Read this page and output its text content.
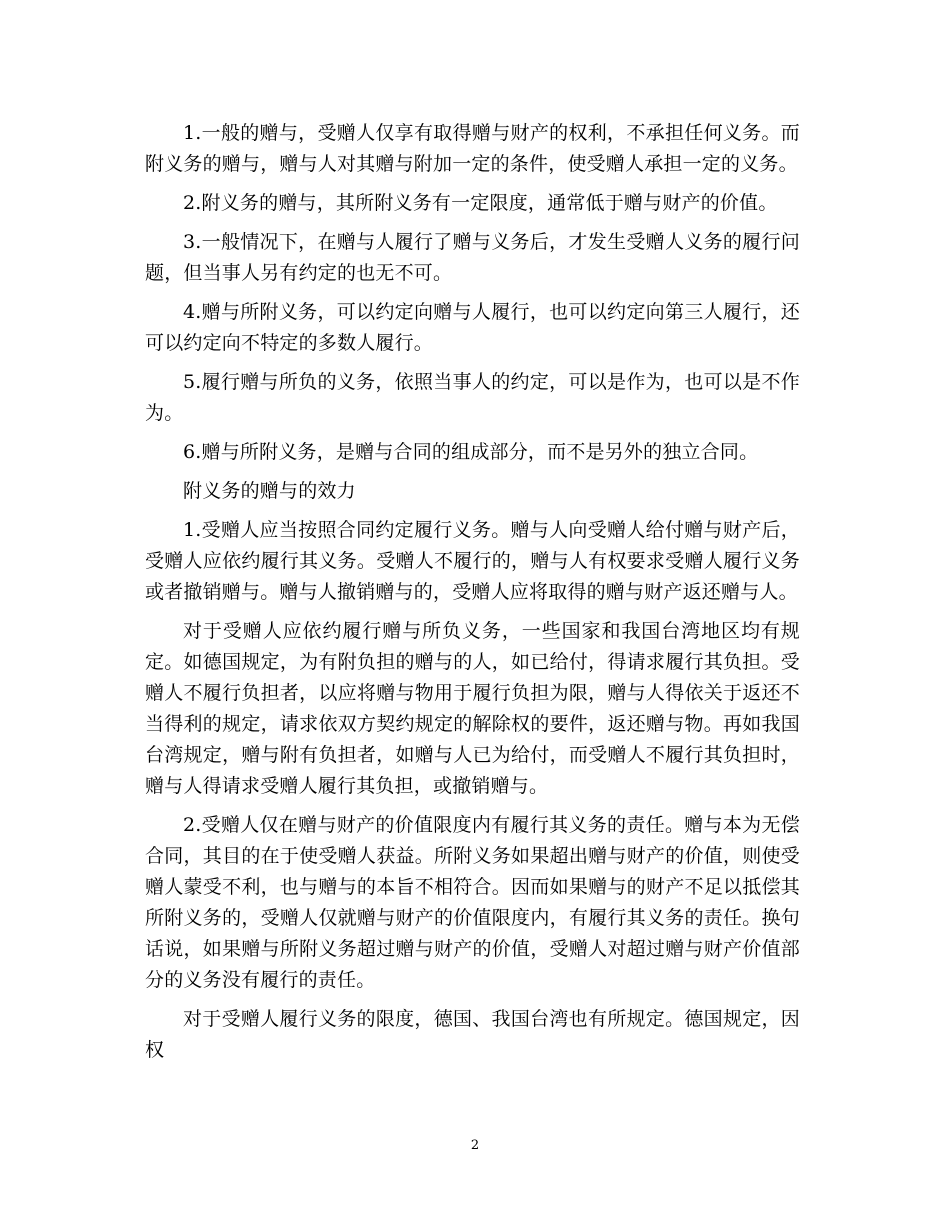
1.一般的赠与，受赠人仅享有取得赠与财产的权利，不承担任何义务。而附义务的赠与，赠与人对其赠与附加一定的条件，使受赠人承担一定的义务。

2.附义务的赠与，其所附义务有一定限度，通常低于赠与财产的价值。

3.一般情况下，在赠与人履行了赠与义务后，才发生受赠人义务的履行问题，但当事人另有约定的也无不可。

4.赠与所附义务，可以约定向赠与人履行，也可以约定向第三人履行，还可以约定向不特定的多数人履行。

5.履行赠与所负的义务，依照当事人的约定，可以是作为，也可以是不作为。

6.赠与所附义务，是赠与合同的组成部分，而不是另外的独立合同。

附义务的赠与的效力

1.受赠人应当按照合同约定履行义务。赠与人向受赠人给付赠与财产后，受赠人应依约履行其义务。受赠人不履行的，赠与人有权要求受赠人履行义务或者撤销赠与。赠与人撤销赠与的，受赠人应将取得的赠与财产返还赠与人。

对于受赠人应依约履行赠与所负义务，一些国家和我国台湾地区均有规定。如德国规定，为有附负担的赠与的人，如已给付，得请求履行其负担。受赠人不履行负担者，以应将赠与物用于履行负担为限，赠与人得依关于返还不当得利的规定，请求依双方契约规定的解除权的要件，返还赠与物。再如我国台湾规定，赠与附有负担者，如赠与人已为给付，而受赠人不履行其负担时，赠与人得请求受赠人履行其负担，或撤销赠与。

2.受赠人仅在赠与财产的价值限度内有履行其义务的责任。赠与本为无偿合同，其目的在于使受赠人获益。所附义务如果超出赠与财产的价值，则使受赠人蒙受不利，也与赠与的本旨不相符合。因而如果赠与的财产不足以抵偿其所附义务的，受赠人仅就赠与财产的价值限度内，有履行其义务的责任。换句话说，如果赠与所附义务超过赠与财产的价值，受赠人对超过赠与财产价值部分的义务没有履行的责任。

对于受赠人履行义务的限度，德国、我国台湾也有所规定。德国规定，因权

2
